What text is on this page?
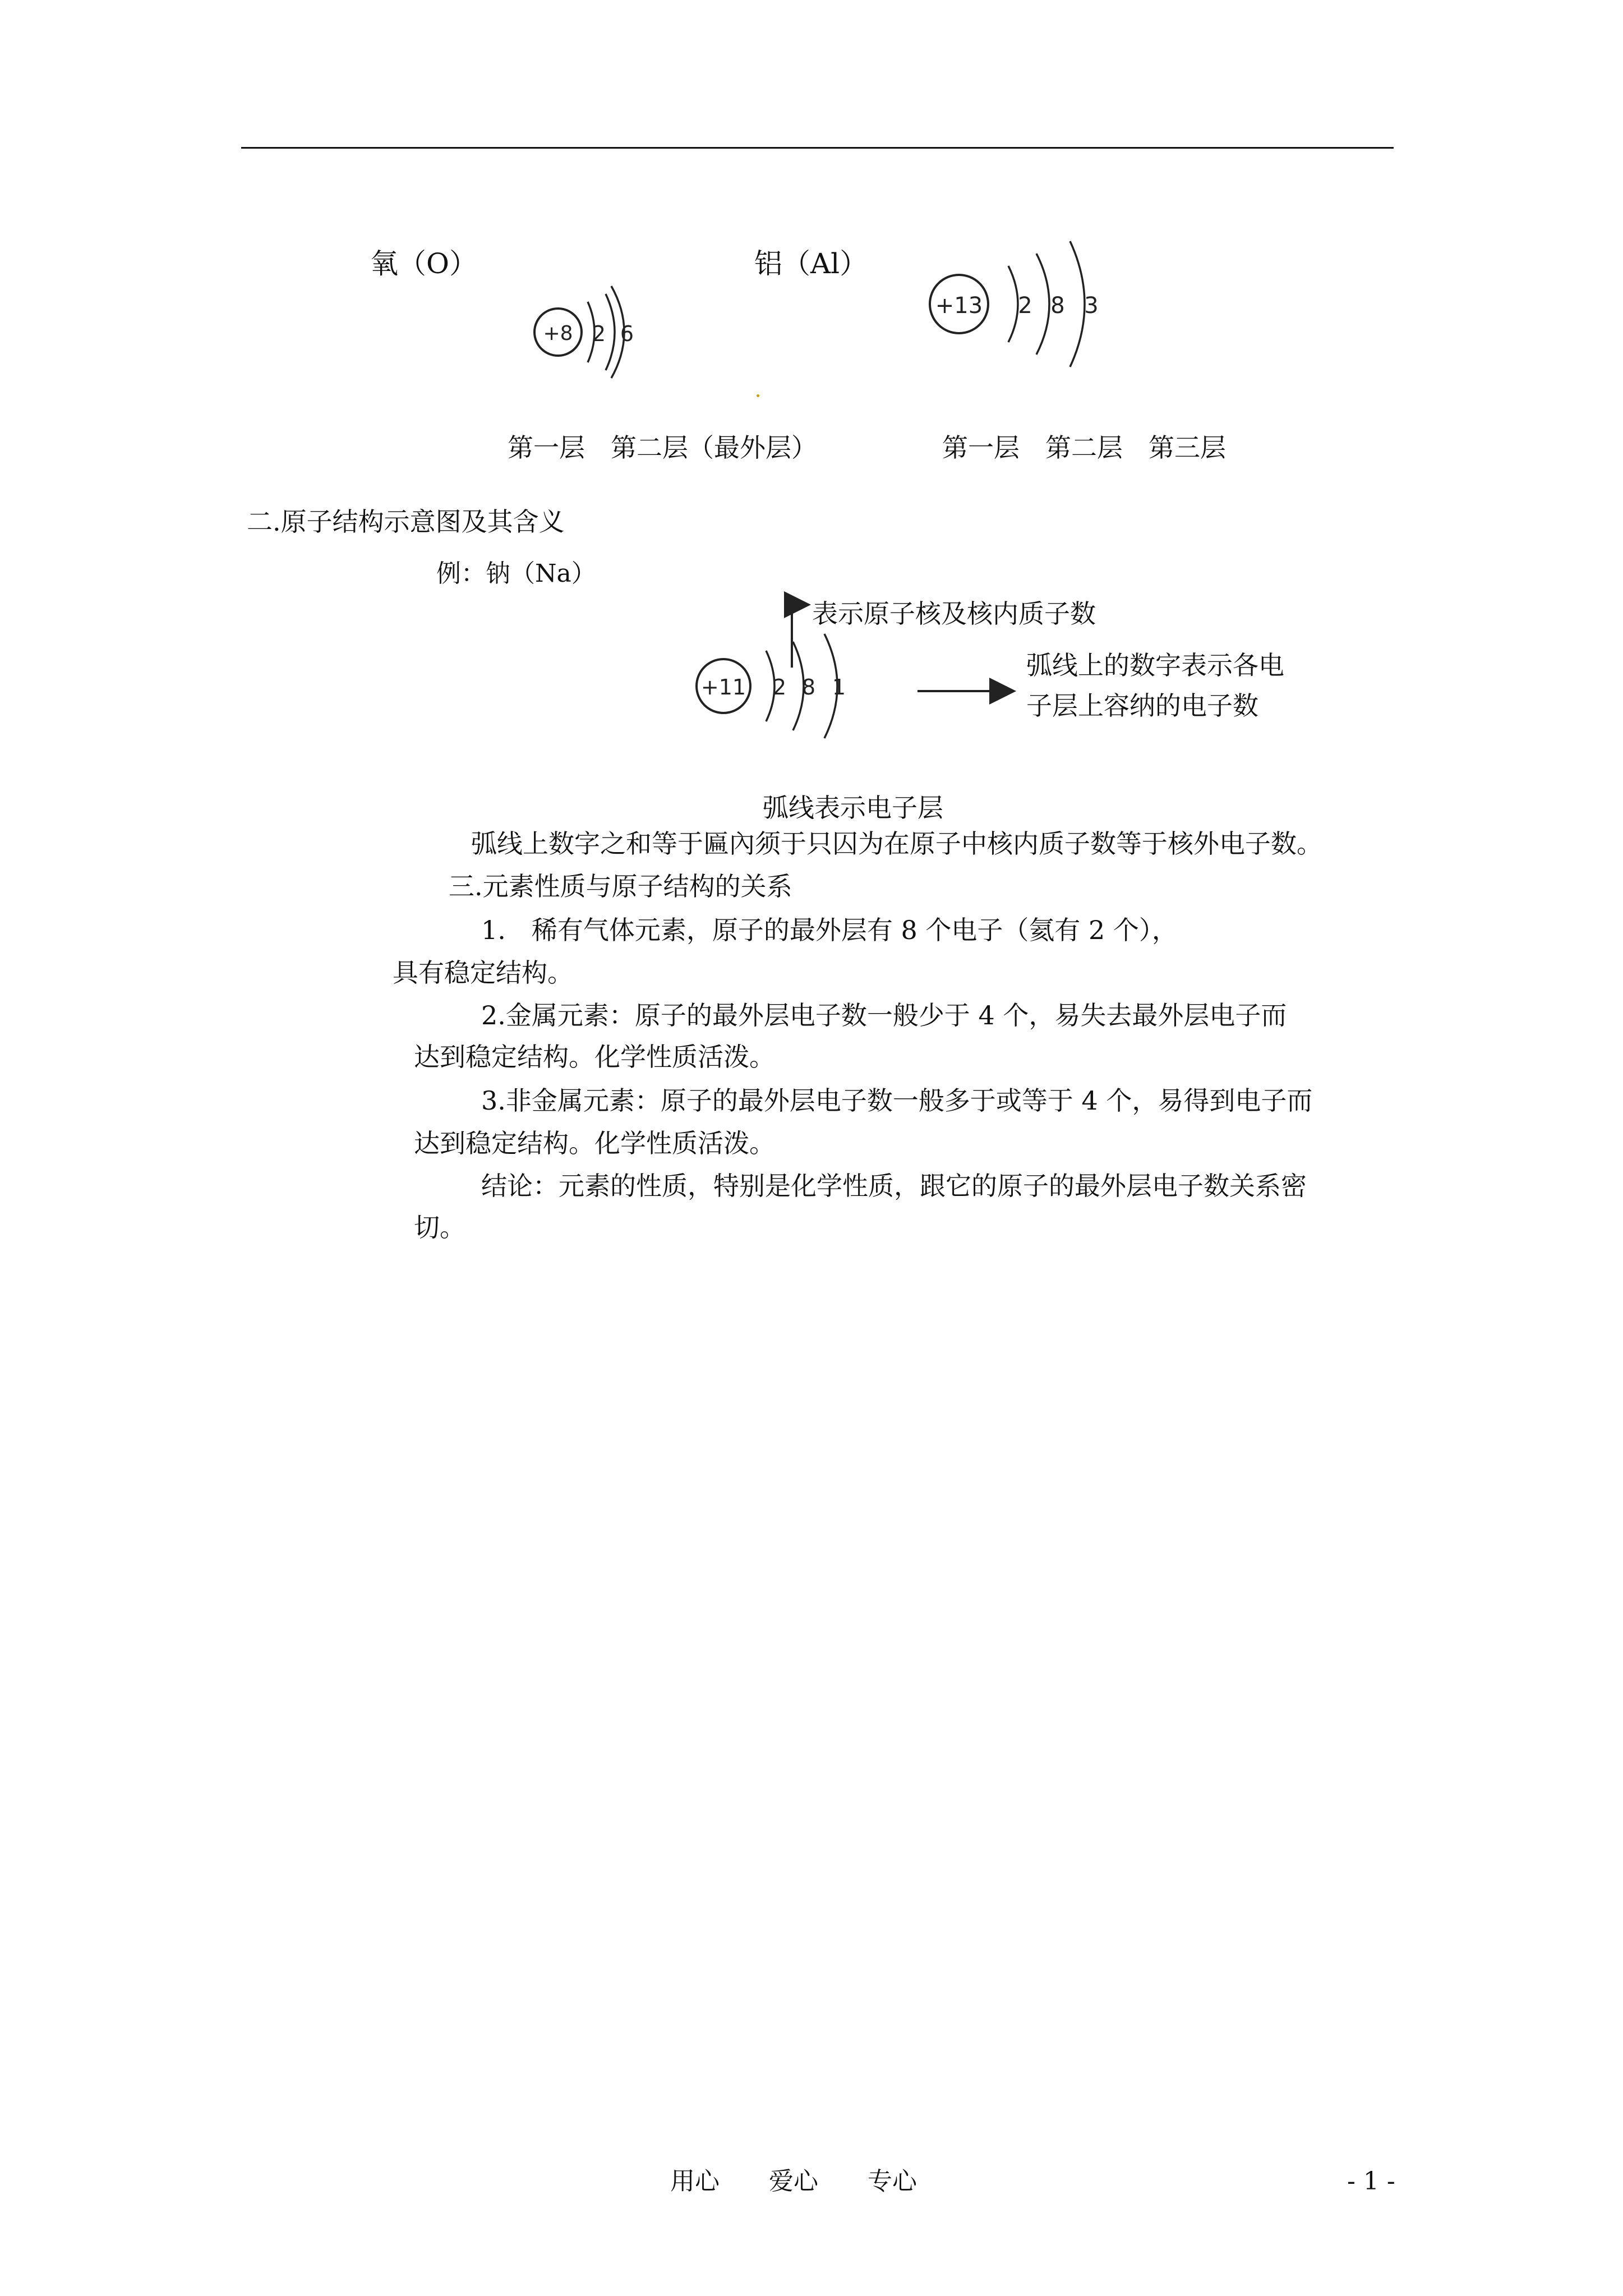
氧（O）
+8 2 6
铝（Al）
+13 2 8 3
第一层　第二层（最外层）	第一层　第二层　第三层
二.原子结构示意图及其含义
例：钠（Na）
+11 2 8 1
表示原子核及核内质子数
弧线上的数字表示各电
子层上容纳的电子数
弧线表示电子层
弧线上数字之和等于匾內须于只囚为在原子中核内质子数等于核外电子数。
三.元素性质与原子结构的关系
1.　稀有气体元素，原子的最外层有 8 个电子（氦有 2 个），
具有稳定结构。
2.金属元素：原子的最外层电子数一般少于 4 个，易失去最外层电子而
达到稳定结构。化学性质活泼。
3.非金属元素：原子的最外层电子数一般多于或等于 4 个，易得到电子而
达到稳定结构。化学性质活泼。
结论：元素的性质，特别是化学性质，跟它的原子的最外层电子数关系密
切。
用心　　爱心　　专心	- 1 -
